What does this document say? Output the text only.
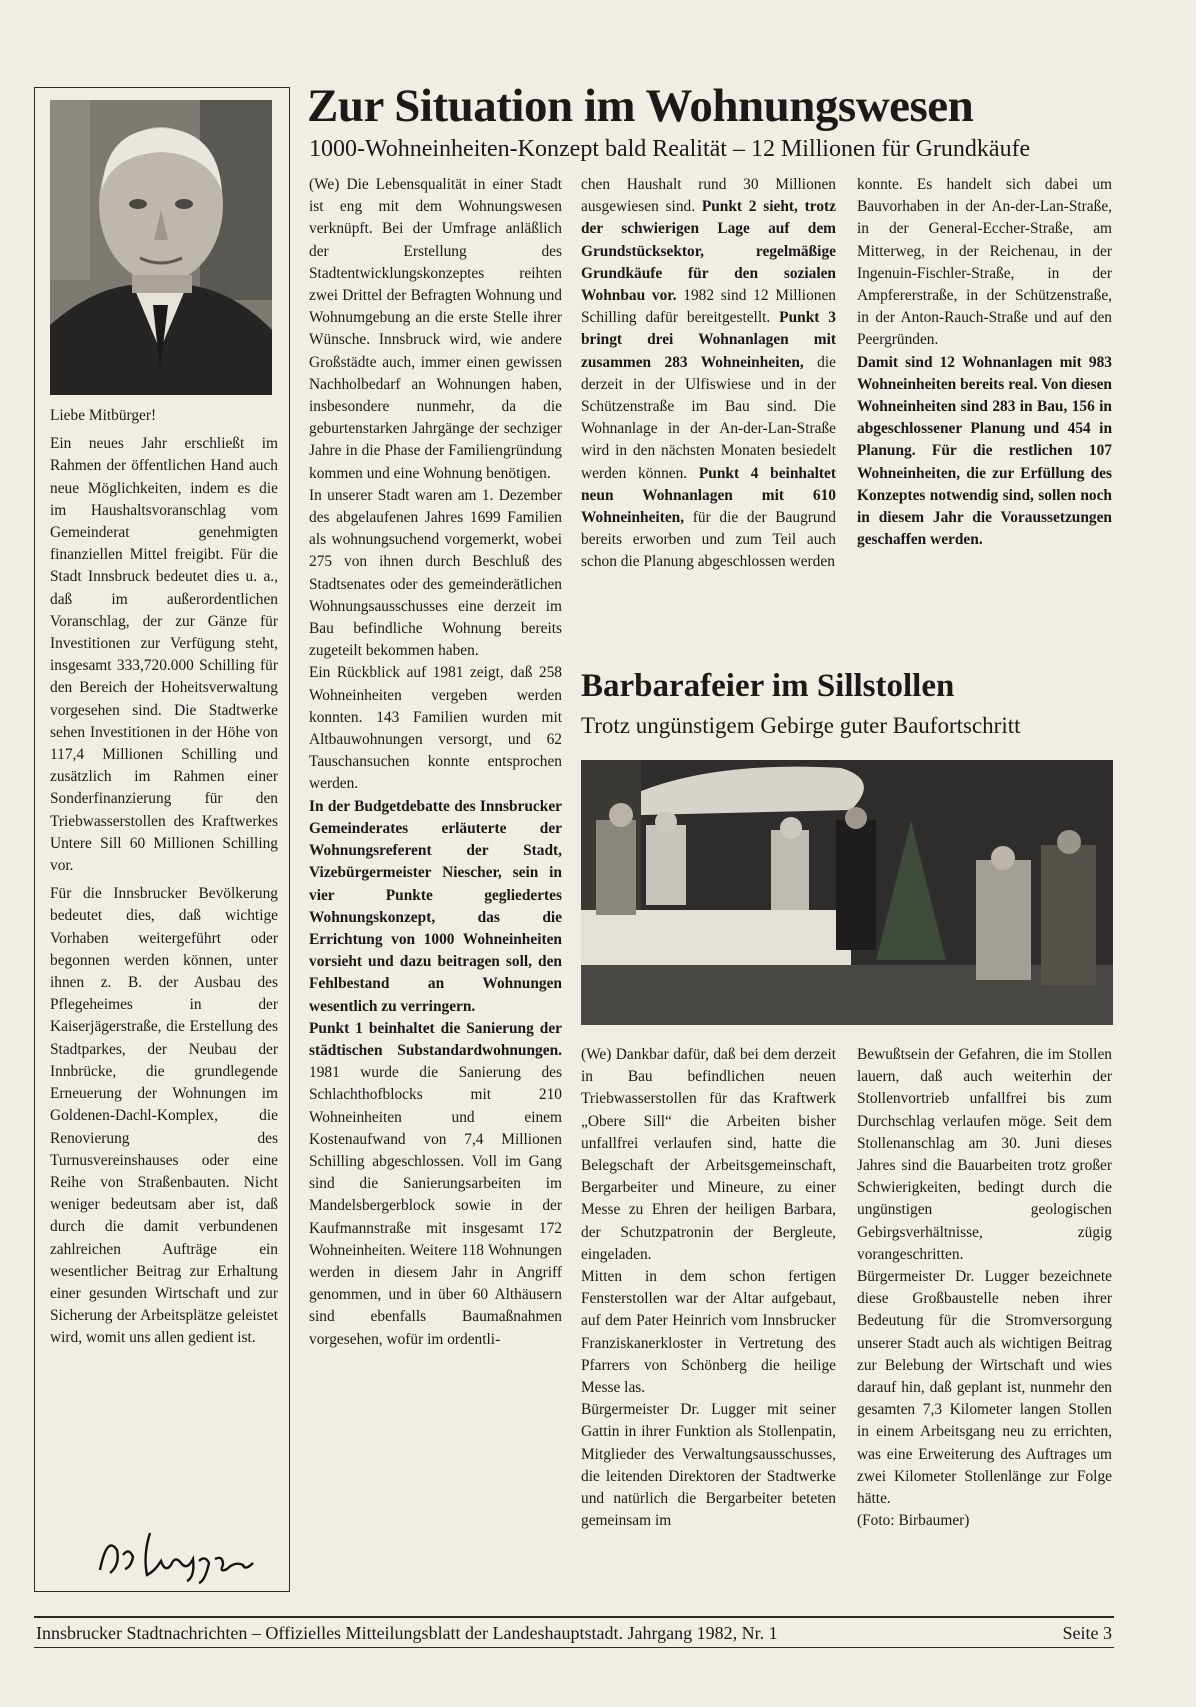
Liebe Mitbürger!

Ein neues Jahr erschließt im Rahmen der öffentlichen Hand auch neue Möglichkeiten, indem es die im Haushaltsvoranschlag vom Gemeinderat genehmigten finanziellen Mittel freigibt. Für die Stadt Innsbruck bedeutet dies u. a., daß im außerordentlichen Voranschlag, der zur Gänze für Investitionen zur Verfügung steht, insgesamt 333,720.000 Schilling für den Bereich der Hoheitsverwaltung vorgesehen sind. Die Stadtwerke sehen Investitionen in der Höhe von 117,4 Millionen Schilling und zusätzlich im Rahmen einer Sonderfinanzierung für den Triebwasserstollen des Kraftwerkes Untere Sill 60 Millionen Schilling vor.

Für die Innsbrucker Bevölkerung bedeutet dies, daß wichtige Vorhaben weitergeführt oder begonnen werden können, unter ihnen z. B. der Ausbau des Pflegeheimes in der Kaiserjägerstraße, die Erstellung des Stadtparkes, der Neubau der Innbrücke, die grundlegende Erneuerung der Wohnungen im Goldenen-Dachl-Komplex, die Renovierung des Turnusvereinshauses oder eine Reihe von Straßenbauten. Nicht weniger bedeutsam aber ist, daß durch die damit verbundenen zahlreichen Aufträge ein wesentlicher Beitrag zur Erhaltung einer gesunden Wirtschaft und zur Sicherung der Arbeitsplätze geleistet wird, womit uns allen gedient ist.

Zur Situation im Wohnungswesen
1000-Wohneinheiten-Konzept bald Realität – 12 Millionen für Grundkäufe

(We) Die Lebensqualität in einer Stadt ist eng mit dem Wohnungswesen verknüpft. Bei der Umfrage anläßlich der Erstellung des Stadtentwicklungskonzeptes reihten zwei Drittel der Befragten Wohnung und Wohnumgebung an die erste Stelle ihrer Wünsche. Innsbruck wird, wie andere Großstädte auch, immer einen gewissen Nachholbedarf an Wohnungen haben, insbesondere nunmehr, da die geburtenstarken Jahrgänge der sechziger Jahre in die Phase der Familiengründung kommen und eine Wohnung benötigen.

In unserer Stadt waren am 1. Dezember des abgelaufenen Jahres 1699 Familien als wohnungsuchend vorgemerkt, wobei 275 von ihnen durch Beschluß des Stadtsenates oder des gemeinderätlichen Wohnungsausschusses eine derzeit im Bau befindliche Wohnung bereits zugeteilt bekommen haben.

Ein Rückblick auf 1981 zeigt, daß 258 Wohneinheiten vergeben werden konnten. 143 Familien wurden mit Altbauwohnungen versorgt, und 62 Tauschansuchen konnte entsprochen werden.

In der Budgetdebatte des Innsbrucker Gemeinderates erläuterte der Wohnungsreferent der Stadt, Vizebürgermeister Niescher, sein in vier Punkte gegliedertes Wohnungskonzept, das die Errichtung von 1000 Wohneinheiten vorsieht und dazu beitragen soll, den Fehlbestand an Wohnungen wesentlich zu verringern.

Punkt 1 beinhaltet die Sanierung der städtischen Substandardwohnungen. 1981 wurde die Sanierung des Schlachthofblocks mit 210 Wohneinheiten und einem Kostenaufwand von 7,4 Millionen Schilling abgeschlossen. Voll im Gang sind die Sanierungsarbeiten im Mandelsbergerblock sowie in der Kaufmannstraße mit insgesamt 172 Wohneinheiten. Weitere 118 Wohnungen werden in diesem Jahr in Angriff genommen, und in über 60 Althäusern sind ebenfalls Baumaßnahmen vorgesehen, wofür im ordentli-

chen Haushalt rund 30 Millionen ausgewiesen sind. Punkt 2 sieht, trotz der schwierigen Lage auf dem Grundstücksektor, regelmäßige Grundkäufe für den sozialen Wohnbau vor. 1982 sind 12 Millionen Schilling dafür bereitgestellt. Punkt 3 bringt drei Wohnanlagen mit zusammen 283 Wohneinheiten, die derzeit in der Ulfiswiese und in der Schützenstraße im Bau sind. Die Wohnanlage in der An-der-Lan-Straße wird in den nächsten Monaten besiedelt werden können. Punkt 4 beinhaltet neun Wohnanlagen mit 610 Wohneinheiten, für die der Baugrund bereits erworben und zum Teil auch schon die Planung abgeschlossen werden

konnte. Es handelt sich dabei um Bauvorhaben in der An-der-Lan-Straße, in der General-Eccher-Straße, am Mitterweg, in der Reichenau, in der Ingenuin-Fischler-Straße, in der Ampfererstraße, in der Schützenstraße, in der Anton-Rauch-Straße und auf den Peergründen.

Damit sind 12 Wohnanlagen mit 983 Wohneinheiten bereits real. Von diesen Wohneinheiten sind 283 in Bau, 156 in abgeschlossener Planung und 454 in Planung. Für die restlichen 107 Wohneinheiten, die zur Erfüllung des Konzeptes notwendig sind, sollen noch in diesem Jahr die Voraussetzungen geschaffen werden.

Barbarafeier im Sillstollen
Trotz ungünstigem Gebirge guter Baufortschritt

(We) Dankbar dafür, daß bei dem derzeit in Bau befindlichen neuen Triebwasserstollen für das Kraftwerk „Obere Sill“ die Arbeiten bisher unfallfrei verlaufen sind, hatte die Belegschaft der Arbeitsgemeinschaft, Bergarbeiter und Mineure, zu einer Messe zu Ehren der heiligen Barbara, der Schutzpatronin der Bergleute, eingeladen.

Mitten in dem schon fertigen Fensterstollen war der Altar aufgebaut, auf dem Pater Heinrich vom Innsbrucker Franziskanerkloster in Vertretung des Pfarrers von Schönberg die heilige Messe las.

Bürgermeister Dr. Lugger mit seiner Gattin in ihrer Funktion als Stollenpatin, Mitglieder des Verwaltungsausschusses, die leitenden Direktoren der Stadtwerke und natürlich die Bergarbeiter beteten gemeinsam im

Bewußtsein der Gefahren, die im Stollen lauern, daß auch weiterhin der Stollenvortrieb unfallfrei bis zum Durchschlag verlaufen möge. Seit dem Stollenanschlag am 30. Juni dieses Jahres sind die Bauarbeiten trotz großer Schwierigkeiten, bedingt durch die ungünstigen geologischen Gebirgsverhältnisse, zügig vorangeschritten.

Bürgermeister Dr. Lugger bezeichnete diese Großbaustelle neben ihrer Bedeutung für die Stromversorgung unserer Stadt auch als wichtigen Beitrag zur Belebung der Wirtschaft und wies darauf hin, daß geplant ist, nunmehr den gesamten 7,3 Kilometer langen Stollen in einem Arbeitsgang neu zu errichten, was eine Erweiterung des Auftrages um zwei Kilometer Stollenlänge zur Folge hätte.

(Foto: Birbaumer)

Innsbrucker Stadtnachrichten – Offizielles Mitteilungsblatt der Landeshauptstadt. Jahrgang 1982, Nr. 1	Seite 3
